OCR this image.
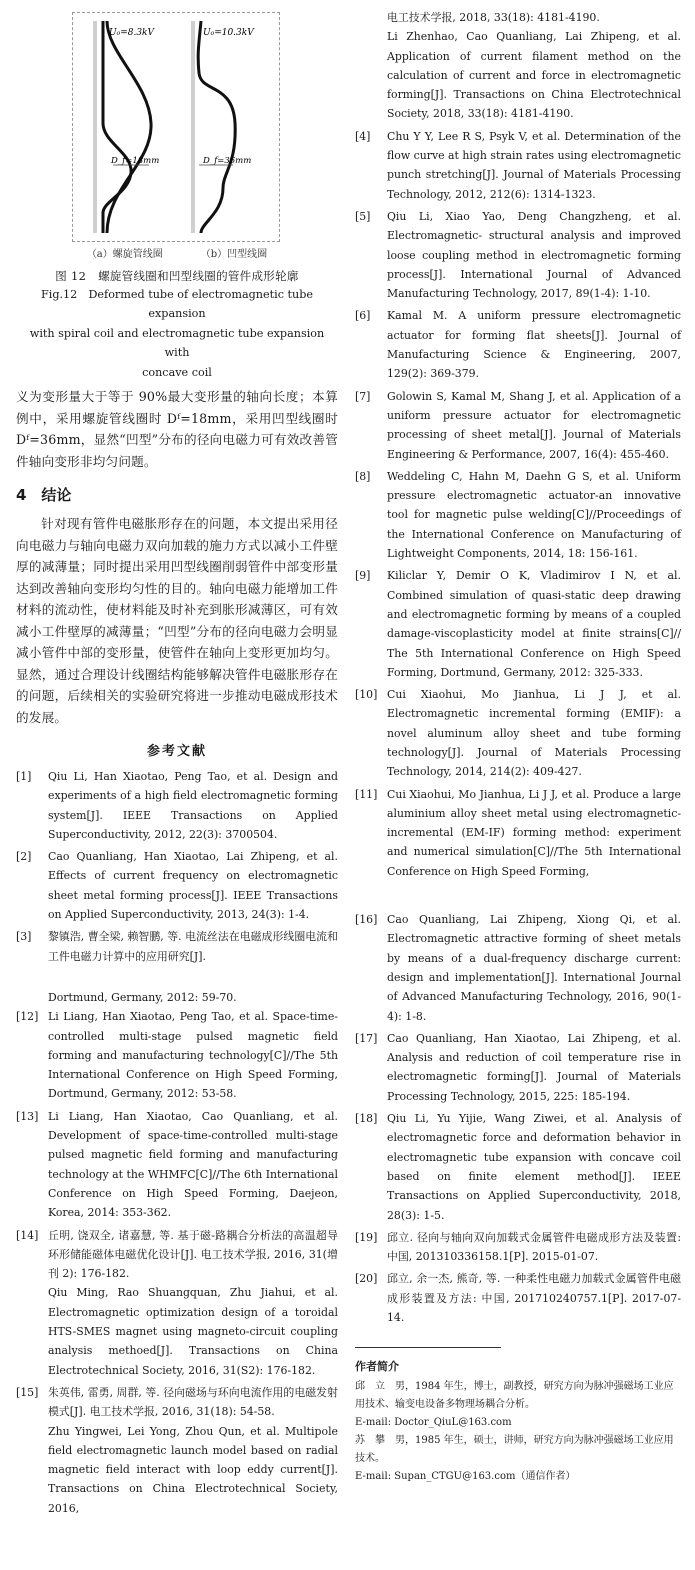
U₀=8.3kV	U₀=10.3kV
D_f=18mm	D_f=36mm
（a）螺旋管线圈	（b）凹型线圈
图 12　螺旋管线圈和凹型线圈的管件成形轮廓
Fig.12　Deformed tube of electromagnetic tube expansion
with spiral coil and electromagnetic tube expansion with
concave coil

义为变形量大于等于 90%最大变形量的轴向长度；本算例中，采用螺旋管线圈时 Dᶠ=18mm，采用凹型线圈时 Dᶠ=36mm，显然“凹型”分布的径向电磁力可有效改善管件轴向变形非均匀问题。

4　结论

针对现有管件电磁胀形存在的问题，本文提出采用径向电磁力与轴向电磁力双向加载的施力方式以减小工件壁厚的减薄量；同时提出采用凹型线圈削弱管件中部变形量达到改善轴向变形均匀性的目的。轴向电磁力能增加工件材料的流动性，使材料能及时补充到胀形减薄区，可有效减小工件壁厚的减薄量；“凹型”分布的径向电磁力会明显减小管件中部的变形量，使管件在轴向上变形更加均匀。显然，通过合理设计线圈结构能够解决管件电磁胀形存在的问题，后续相关的实验研究将进一步推动电磁成形技术的发展。

参考文献
[1]	Qiu Li, Han Xiaotao, Peng Tao, et al. Design and experiments of a high field electromagnetic forming system[J]. IEEE Transactions on Applied Superconductivity, 2012, 22(3): 3700504.
[2]	Cao Quanliang, Han Xiaotao, Lai Zhipeng, et al. Effects of current frequency on electromagnetic sheet metal forming process[J]. IEEE Transactions on Applied Superconductivity, 2013, 24(3): 1-4.
[3]	黎镇浩, 曹全梁, 赖智鹏, 等. 电流丝法在电磁成形线圈电流和工件电磁力计算中的应用研究[J].
Dortmund, Germany, 2012: 59-70.
[12] Li Liang, Han Xiaotao, Peng Tao, et al. Space-time-controlled multi-stage pulsed magnetic field forming and manufacturing technology[C]//The 5th International Conference on High Speed Forming, Dortmund, Germany, 2012: 53-58.
[13] Li Liang, Han Xiaotao, Cao Quanliang, et al. Development of space-time-controlled multi-stage pulsed magnetic field forming and manufacturing technology at the WHMFC[C]//The 6th International Conference on High Speed Forming, Daejeon, Korea, 2014: 353-362.
[14] 丘明, 饶双全, 诸嘉慧, 等. 基于磁-路耦合分析法的高温超导环形储能磁体电磁优化设计[J]. 电工技术学报, 2016, 31(增刊 2): 176-182.
Qiu Ming, Rao Shuangquan, Zhu Jiahui, et al. Electromagnetic optimization design of a toroidal HTS-SMES magnet using magneto-circuit coupling analysis methoed[J]. Transactions on China Electrotechnical Society, 2016, 31(S2): 176-182.
[15] 朱英伟, 雷勇, 周群, 等. 径向磁场与环向电流作用的电磁发射模式[J]. 电工技术学报, 2016, 31(18): 54-58.
Zhu Yingwei, Lei Yong, Zhou Qun, et al. Multipole field electromagnetic launch model based on radial magnetic field interact with loop eddy current[J]. Transactions on China Electrotechnical Society, 2016,
电工技术学报, 2018, 33(18): 4181-4190.
Li Zhenhao, Cao Quanliang, Lai Zhipeng, et al. Application of current filament method on the calculation of current and force in electromagnetic forming[J]. Transactions on China Electrotechnical Society, 2018, 33(18): 4181-4190.
[4]	Chu Y Y, Lee R S, Psyk V, et al. Determination of the flow curve at high strain rates using electromagnetic punch stretching[J]. Journal of Materials Processing Technology, 2012, 212(6): 1314-1323.
[5]	Qiu Li, Xiao Yao, Deng Changzheng, et al. Electromagnetic- structural analysis and improved loose coupling method in electromagnetic forming process[J]. International Journal of Advanced Manufacturing Technology, 2017, 89(1-4): 1-10.
[6]	Kamal M. A uniform pressure electromagnetic actuator for forming flat sheets[J]. Journal of Manufacturing Science & Engineering, 2007, 129(2): 369-379.
[7]	Golowin S, Kamal M, Shang J, et al. Application of a uniform pressure actuator for electromagnetic processing of sheet metal[J]. Journal of Materials Engineering & Performance, 2007, 16(4): 455-460.
[8]	Weddeling C, Hahn M, Daehn G S, et al. Uniform pressure electromagnetic actuator-an innovative tool for magnetic pulse welding[C]//Proceedings of the International Conference on Manufacturing of Lightweight Components, 2014, 18: 156-161.
[9]	Kiliclar Y, Demir O K, Vladimirov I N, et al. Combined simulation of quasi-static deep drawing and electromagnetic forming by means of a coupled damage-viscoplasticity model at finite strains[C]// The 5th International Conference on High Speed Forming, Dortmund, Germany, 2012: 325-333.
[10] Cui Xiaohui, Mo Jianhua, Li J J, et al. Electromagnetic incremental forming (EMIF): a novel aluminum alloy sheet and tube forming technology[J]. Journal of Materials Processing Technology, 2014, 214(2): 409-427.
[11] Cui Xiaohui, Mo Jianhua, Li J J, et al. Produce a large aluminium alloy sheet metal using electromagnetic-incremental (EM-IF) forming method: experiment and numerical simulation[C]//The 5th International Conference on High Speed Forming,
[16] Cao Quanliang, Lai Zhipeng, Xiong Qi, et al. Electromagnetic attractive forming of sheet metals by means of a dual-frequency discharge current: design and implementation[J]. International Journal of Advanced Manufacturing Technology, 2016, 90(1-4): 1-8.
[17] Cao Quanliang, Han Xiaotao, Lai Zhipeng, et al. Analysis and reduction of coil temperature rise in electromagnetic forming[J]. Journal of Materials Processing Technology, 2015, 225: 185-194.
[18] Qiu Li, Yu Yijie, Wang Ziwei, et al. Analysis of electromagnetic force and deformation behavior in electromagnetic tube expansion with concave coil based on finite element method[J]. IEEE Transactions on Applied Superconductivity, 2018, 28(3): 1-5.
[19] 邱立. 径向与轴向双向加载式金属管件电磁成形方法及装置: 中国, 201310336158.1[P]. 2015-01-07.
[20] 邱立, 余一杰, 熊奇, 等. 一种柔性电磁力加载式金属管件电磁成形装置及方法: 中国, 201710240757.1[P]. 2017-07-14.
作者简介
邱　立　男，1984 年生，博士，副教授，研究方向为脉冲强磁场工业应用技术、输变电设备多物理场耦合分析。
E-mail: Doctor_QiuL@163.com
苏　攀　男，1985 年生，硕士，讲师，研究方向为脉冲强磁场工业应用技术。
E-mail: Supan_CTGU@163.com（通信作者）
